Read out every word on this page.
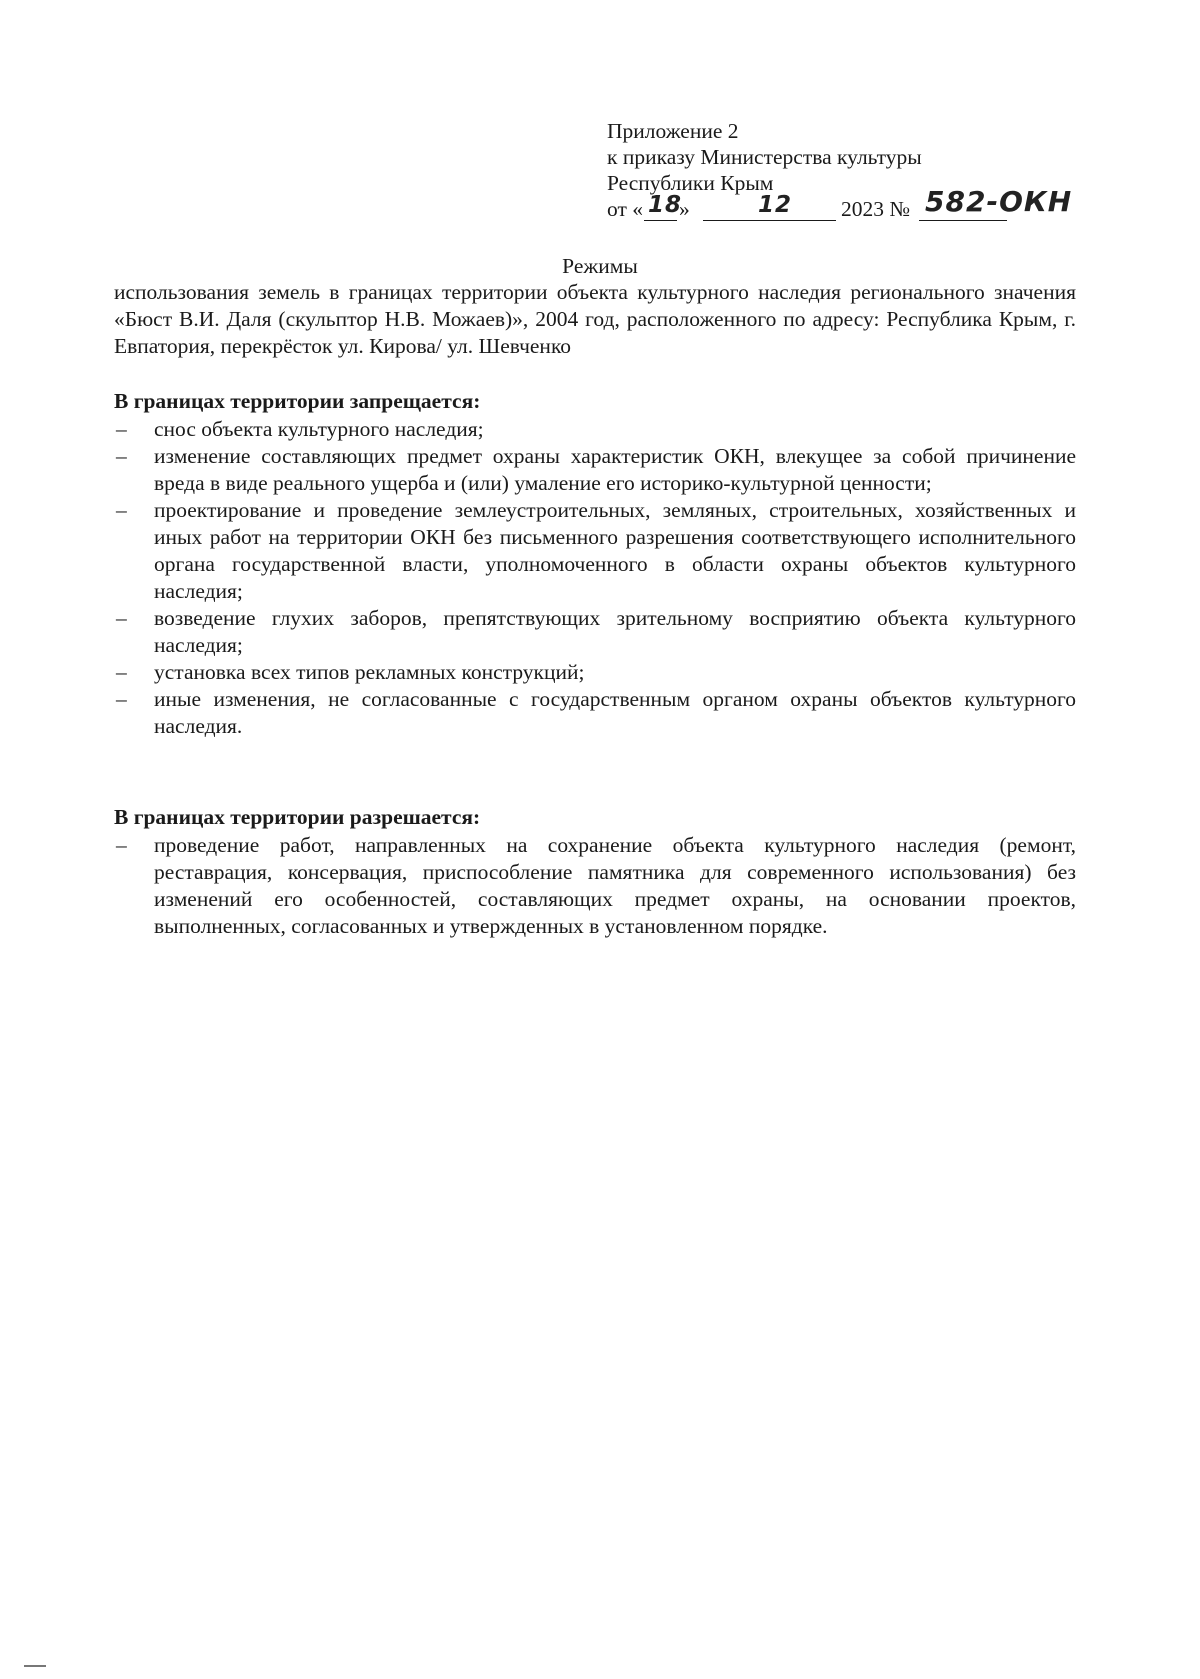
Приложение 2
к приказу Министерства культуры
Республики Крым
от « 18
»	12 2023 № 582-ОКН
Режимы
использования земель в границах территории объекта культурного наследия регионального значения «Бюст В.И. Даля (скульптор Н.В. Можаев)», 2004 год, расположенного по адресу: Республика Крым, г. Евпатория, перекрёсток ул. Кирова/ ул. Шевченко
В границах территории запрещается:
– снос объекта культурного наследия;
– изменение составляющих предмет охраны характеристик ОКН, влекущее за собой причинение вреда в виде реального ущерба и (или) умаление его историко-культурной ценности;
– проектирование и проведение землеустроительных, земляных, строительных, хозяйственных и иных работ на территории ОКН без письменного разрешения соответствующего исполнительного органа государственной власти, уполномоченного в области охраны объектов культурного наследия;
– возведение глухих заборов, препятствующих зрительному восприятию объекта культурного наследия;
– установка всех типов рекламных конструкций;
– иные изменения, не согласованные с государственным органом охраны объектов культурного наследия.
В границах территории разрешается:
– проведение работ, направленных на сохранение объекта культурного наследия (ремонт, реставрация, консервация, приспособление памятника для современного использования) без изменений его особенностей, составляющих предмет охраны, на основании проектов, выполненных, согласованных и утвержденных в установленном порядке.
